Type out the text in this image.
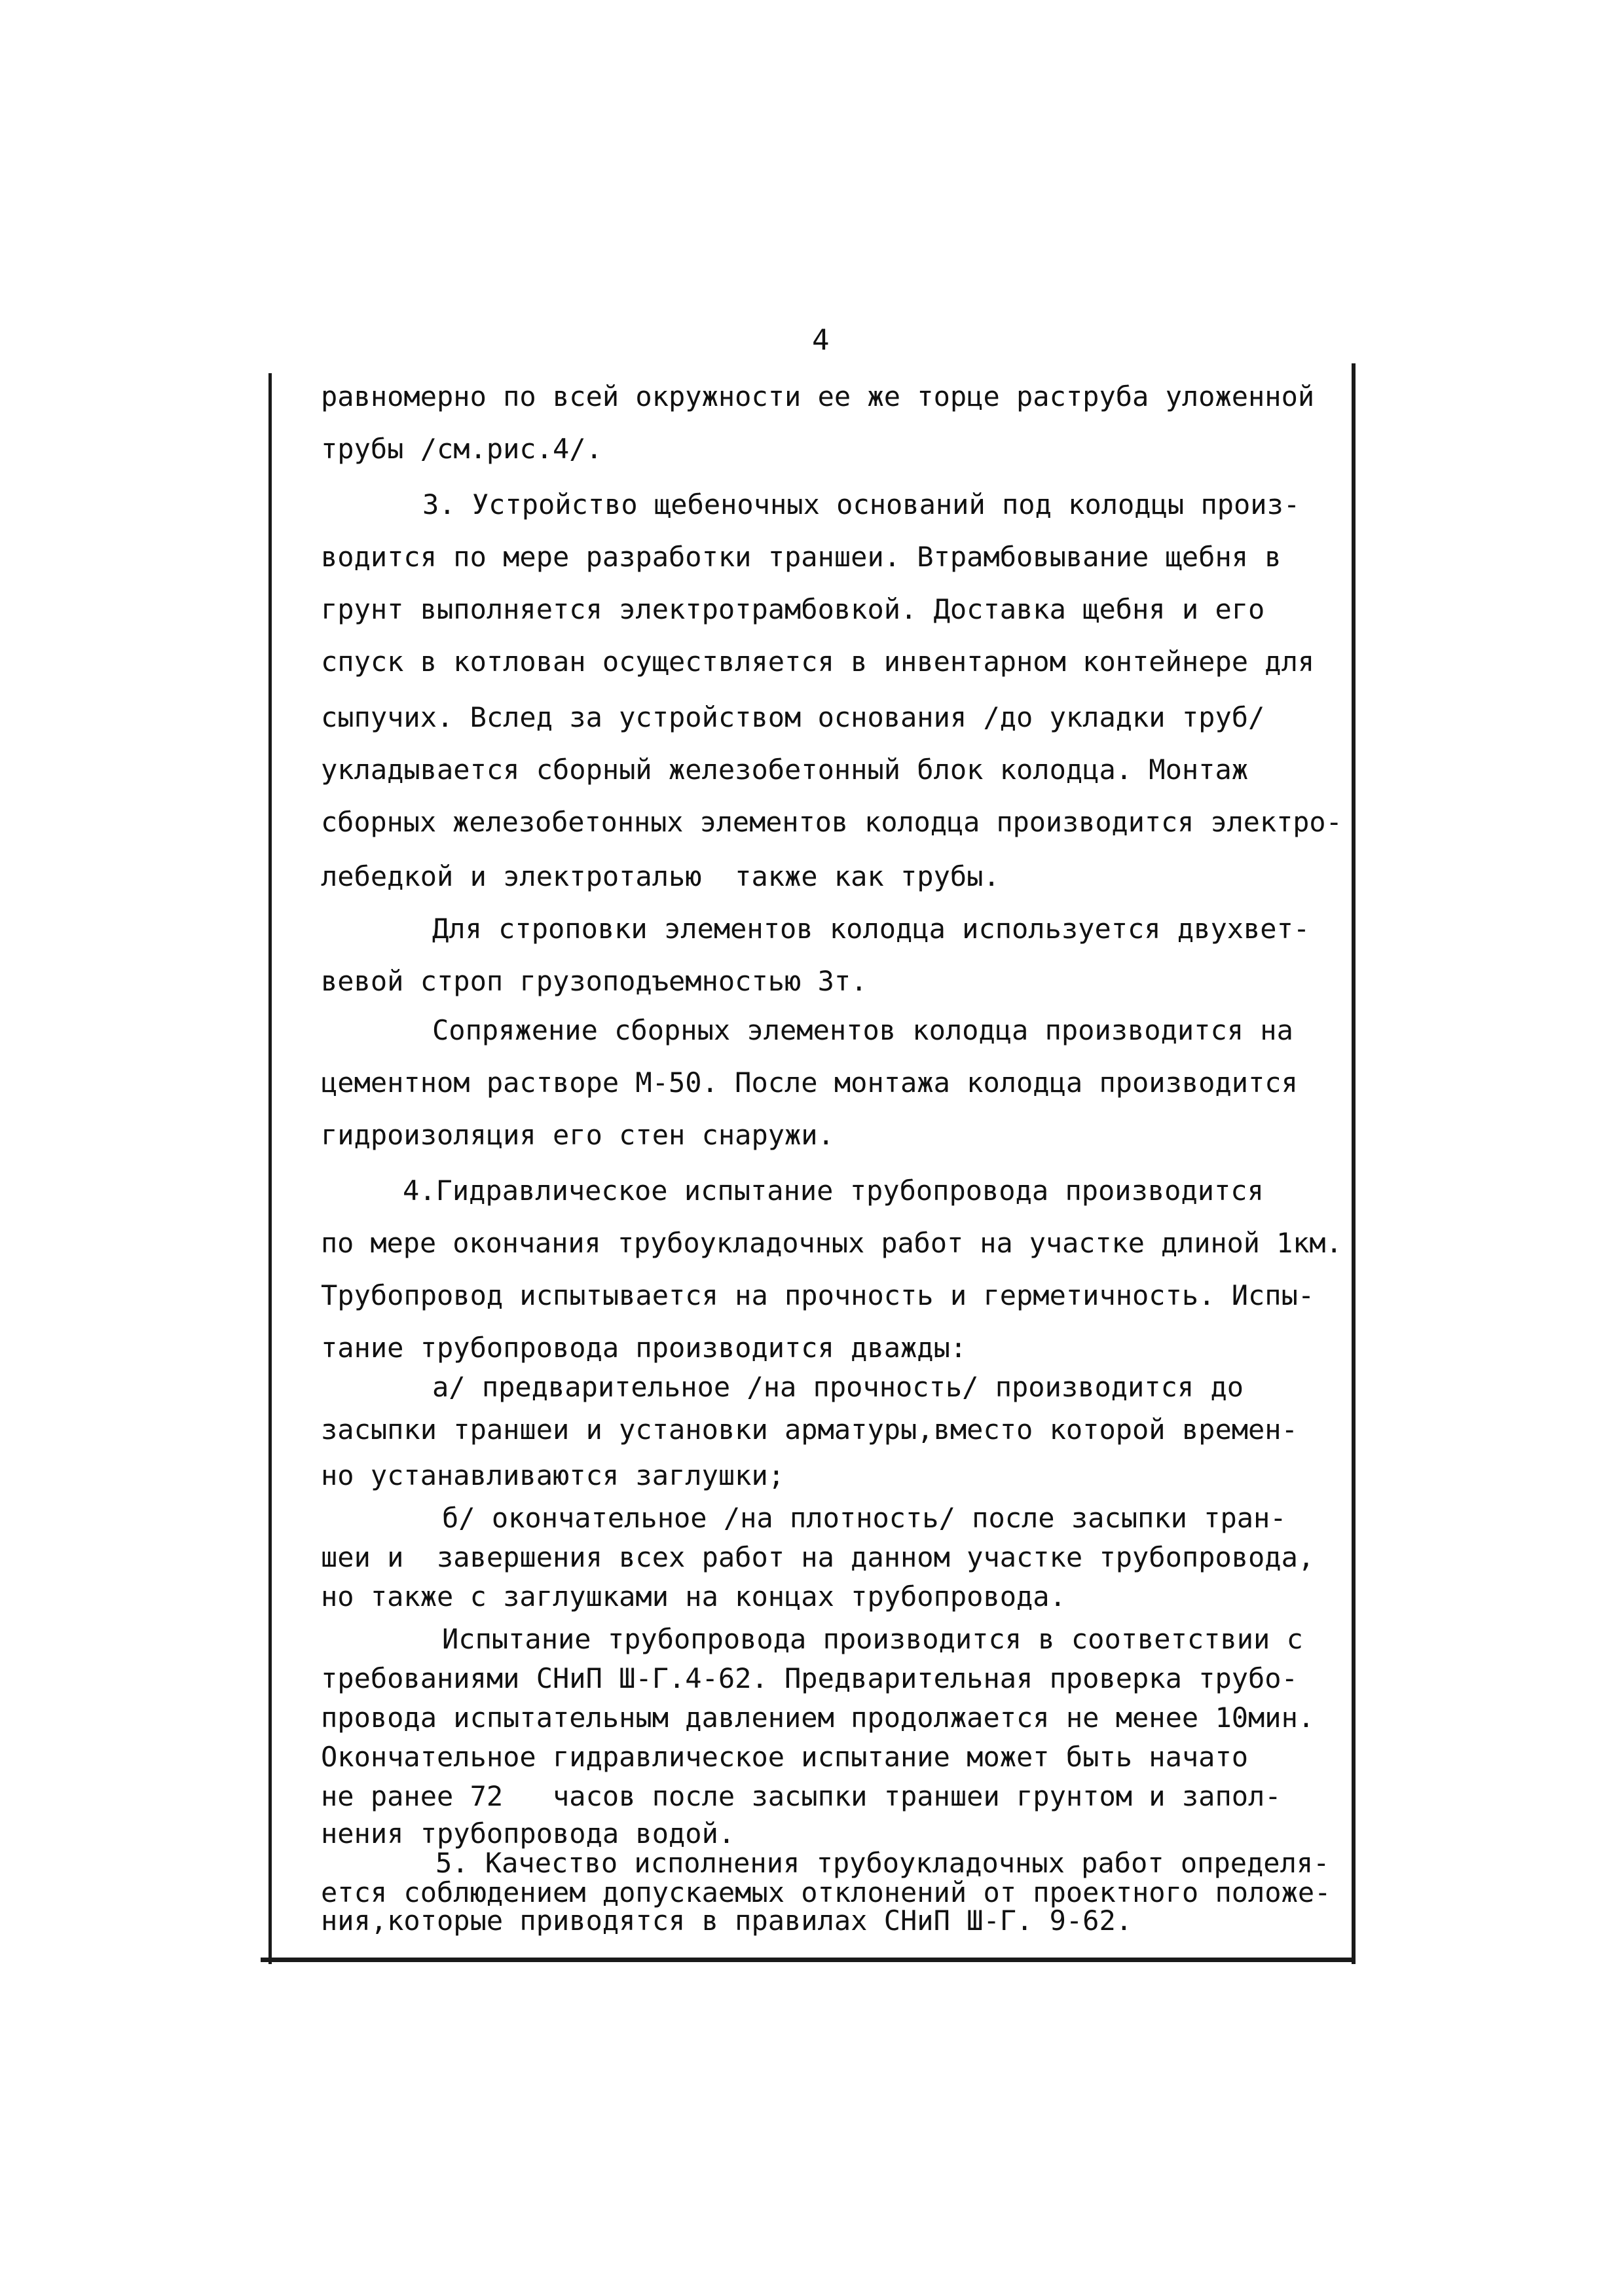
4
равномерно по всей окружности ее же торце раструба уложенной
трубы /см.рис.4/.
3. Устройство щебеночных оснований под колодцы произ-
водится по мере разработки траншеи. Втрамбовывание щебня в
грунт выполняется электротрамбовкой. Доставка щебня и его
спуск в котлован осуществляется в инвентарном контейнере для
сыпучих. Вслед за устройством основания /до укладки труб/
укладывается сборный железобетонный блок колодца. Монтаж
сборных железобетонных элементов колодца производится электро-
лебедкой и электроталью  также как трубы.
Для строповки элементов колодца используется двухвет-
вевой строп грузоподъемностью 3т.
Сопряжение сборных элементов колодца производится на
цементном растворе М-50. После монтажа колодца производится
гидроизоляция его стен снаружи.
4.Гидравлическое испытание трубопровода производится
по мере окончания трубоукладочных работ на участке длиной 1км.
Трубопровод испытывается на прочность и герметичность. Испы-
тание трубопровода производится дважды:
а/ предварительное /на прочность/ производится до
засыпки траншеи и установки арматуры,вместо которой времен-
но устанавливаются заглушки;
б/ окончательное /на плотность/ после засыпки тран-
шеи и  завершения всех работ на данном участке трубопровода,
но также с заглушками на концах трубопровода.
Испытание трубопровода производится в соответствии с
требованиями СНиП Ш-Г.4-62. Предварительная проверка трубо-
провода испытательным давлением продолжается не менее 10мин.
Окончательное гидравлическое испытание может быть начато
не ранее 72   часов после засыпки траншеи грунтом и запол-
нения трубопровода водой.
5. Качество исполнения трубоукладочных работ определя-
ется соблюдением допускаемых отклонений от проектного положе-
ния,которые приводятся в правилах СНиП Ш-Г. 9-62.
